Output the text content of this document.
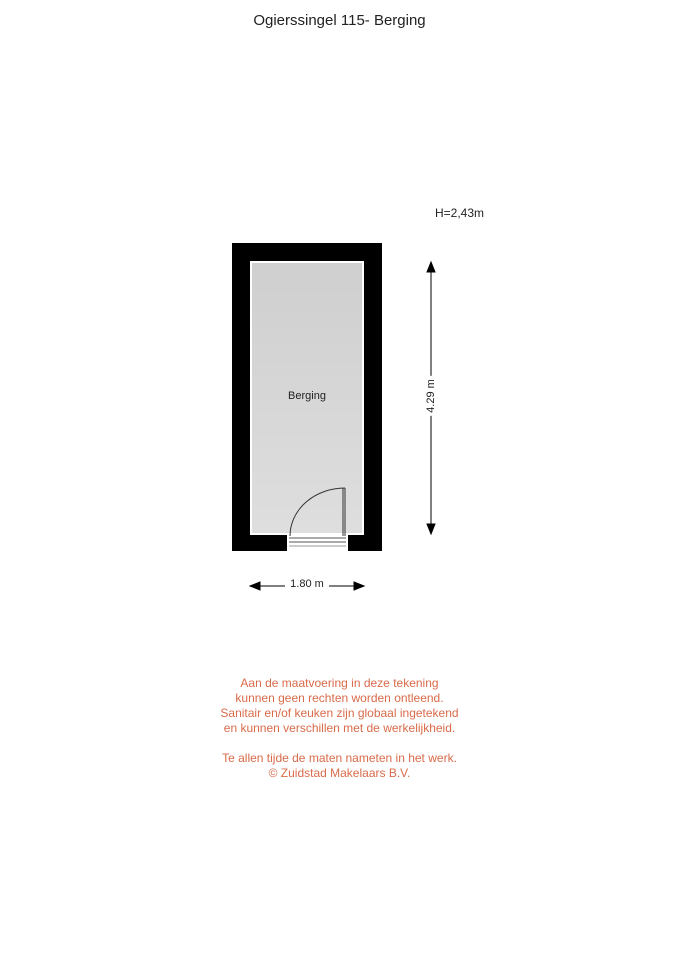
Ogierssingel 115- Berging
H=2,43m
Berging	4.29 m
1.80 m
Aan de maatvoering in deze tekening
kunnen geen rechten worden ontleend.
Sanitair en/of keuken zijn globaal ingetekend
en kunnen verschillen met de werkelijkheid.
Te allen tijde de maten nameten in het werk.
© Zuidstad Makelaars B.V.
